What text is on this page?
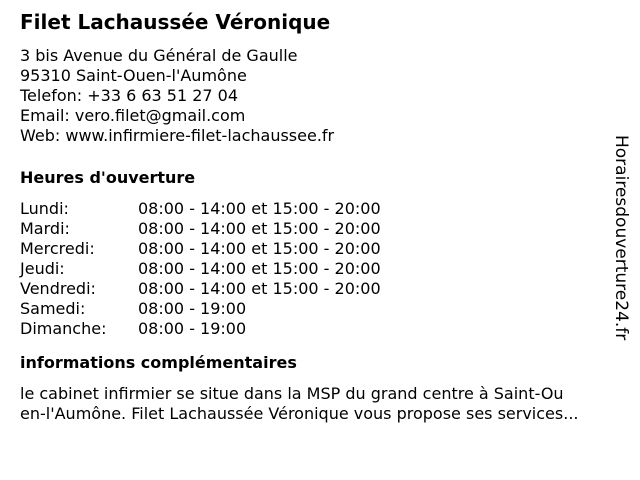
Filet Lachaussée Véronique
3 bis Avenue du Général de Gaulle
95310 Saint-Ouen-l'Aumône
Telefon: +33 6 63 51 27 04
Email: vero.filet@gmail.com
Web: www.infirmiere-filet-lachaussee.fr
Heures d'ouverture
Lundi:	08:00 - 14:00 et 15:00 - 20:00
Mardi:	08:00 - 14:00 et 15:00 - 20:00
Mercredi:	08:00 - 14:00 et 15:00 - 20:00
Jeudi:	08:00 - 14:00 et 15:00 - 20:00
Vendredi:	08:00 - 14:00 et 15:00 - 20:00
Samedi:	08:00 - 19:00
Dimanche: 08:00 - 19:00
informations complémentaires
le cabinet infirmier se situe dans la MSP du grand centre à Saint-Ou
en-l'Aumône. Filet Lachaussée Véronique vous propose ses services...
Horairesdouverture24.fr
